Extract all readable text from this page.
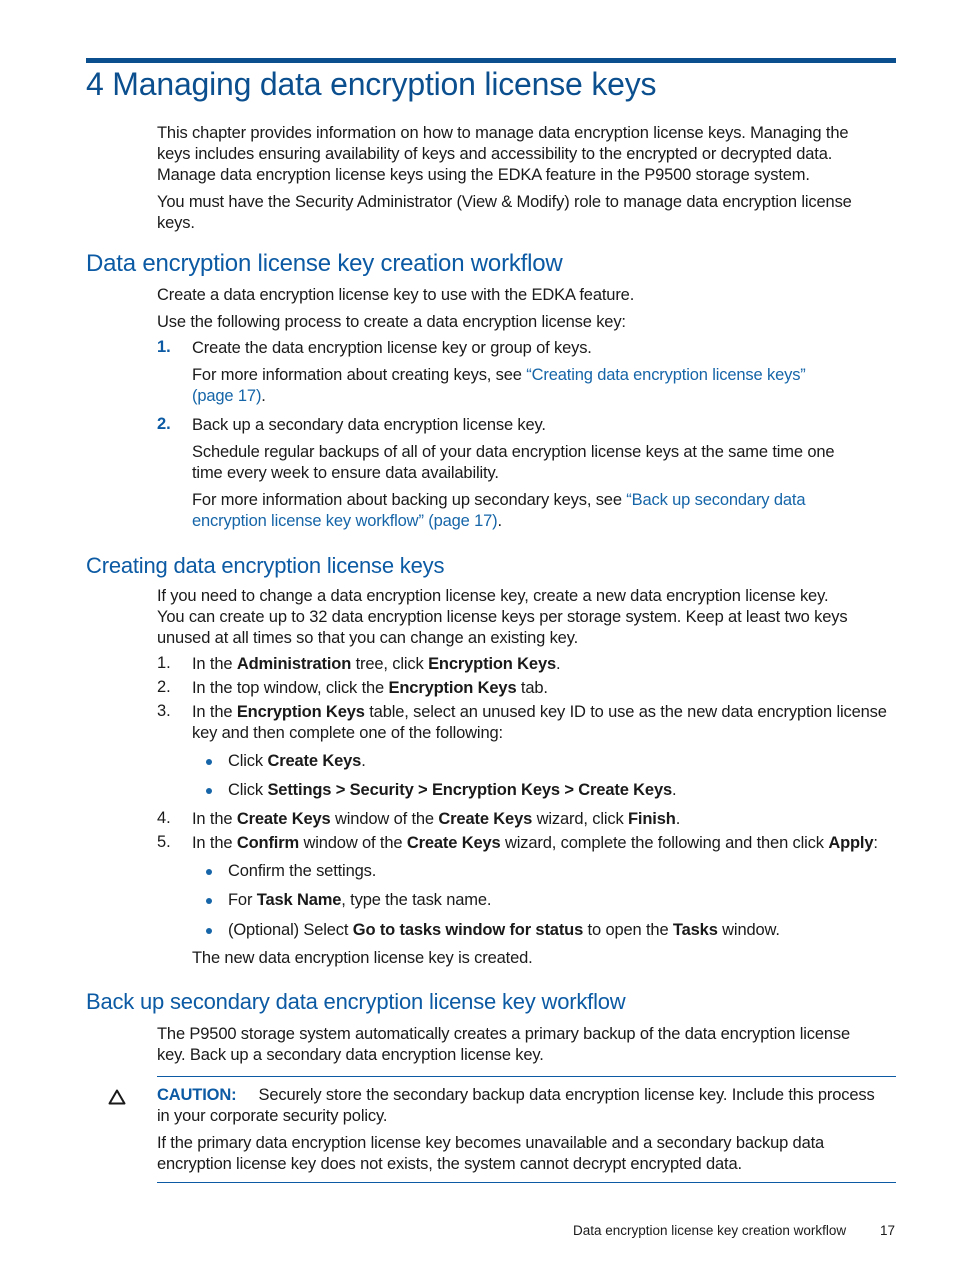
4 Managing data encryption license keys
This chapter provides information on how to manage data encryption license keys. Managing the
keys includes ensuring availability of keys and accessibility to the encrypted or decrypted data.
Manage data encryption license keys using the EDKA feature in the P9500 storage system.
You must have the Security Administrator (View & Modify) role to manage data encryption license
keys.
Data encryption license key creation workflow
Create a data encryption license key to use with the EDKA feature.
Use the following process to create a data encryption license key:
1. Create the data encryption license key or group of keys.
For more information about creating keys, see “Creating data encryption license keys”
(page 17).
2. Back up a secondary data encryption license key.
Schedule regular backups of all of your data encryption license keys at the same time one
time every week to ensure data availability.
For more information about backing up secondary keys, see “Back up secondary data
encryption license key workflow” (page 17).
Creating data encryption license keys
If you need to change a data encryption license key, create a new data encryption license key.
You can create up to 32 data encryption license keys per storage system. Keep at least two keys
unused at all times so that you can change an existing key.
1. In the Administration tree, click Encryption Keys.
2. In the top window, click the Encryption Keys tab.
3. In the Encryption Keys table, select an unused key ID to use as the new data encryption license
key and then complete one of the following:
Click Create Keys.
Click Settings > Security > Encryption Keys > Create Keys.
4. In the Create Keys window of the Create Keys wizard, click Finish.
5. In the Confirm window of the Create Keys wizard, complete the following and then click Apply:
Confirm the settings.
For Task Name, type the task name.
(Optional) Select Go to tasks window for status to open the Tasks window.
The new data encryption license key is created.
Back up secondary data encryption license key workflow
The P9500 storage system automatically creates a primary backup of the data encryption license
key. Back up a secondary data encryption license key.
CAUTION: Securely store the secondary backup data encryption license key. Include this process
in your corporate security policy.
If the primary data encryption license key becomes unavailable and a secondary backup data
encryption license key does not exists, the system cannot decrypt encrypted data.
Data encryption license key creation workflow	17
